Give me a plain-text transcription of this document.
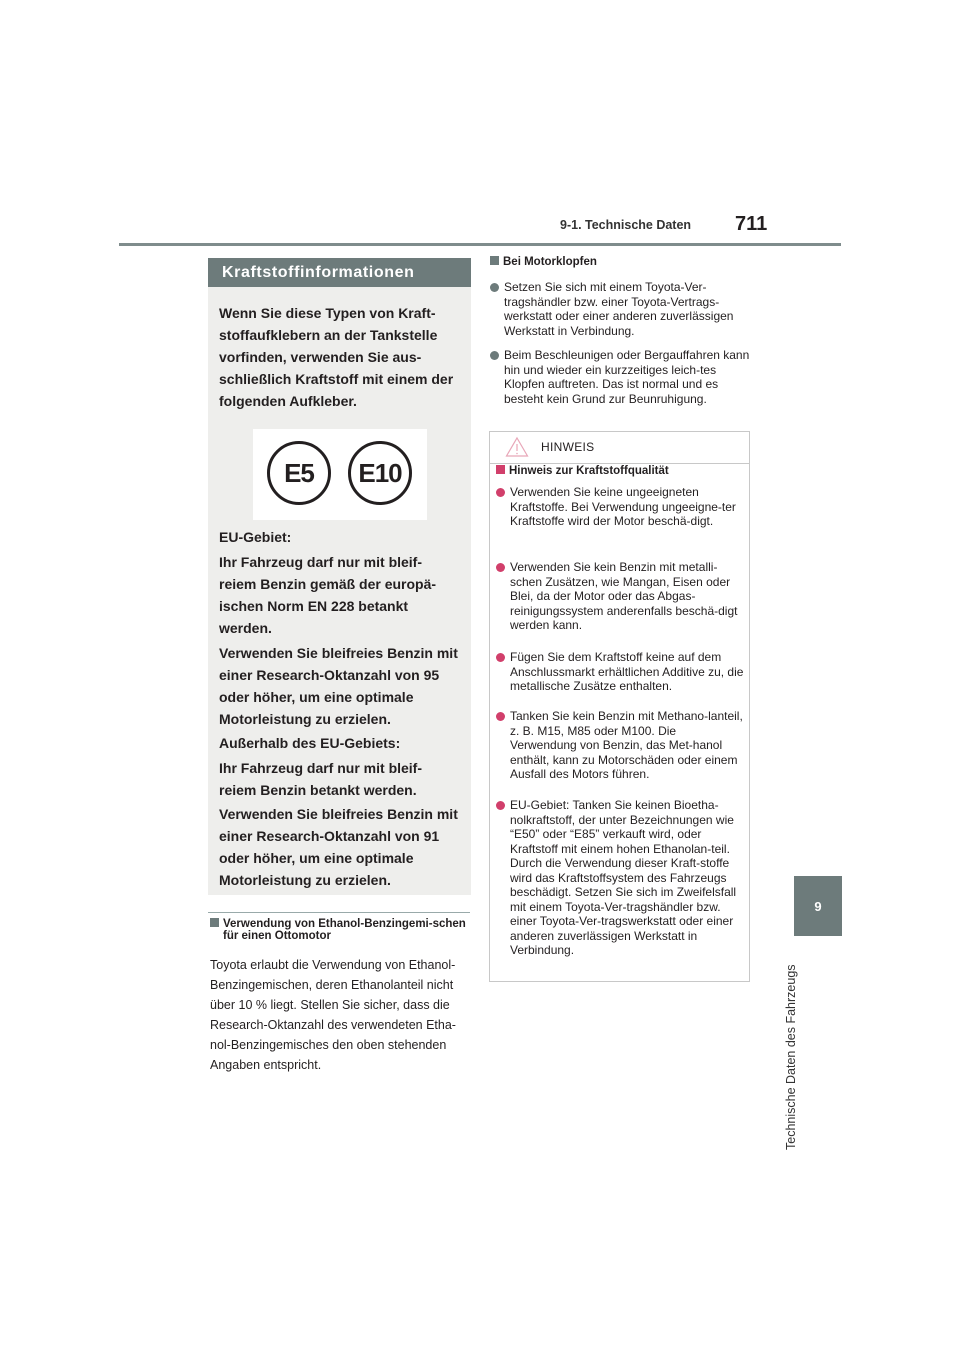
9-1. Technische Daten 711
9
Technische Daten des Fahrzeugs
Kraftstoffinformationen
Wenn Sie diese Typen von Kraft-stoffaufklebern an der Tankstelle vorfinden, verwenden Sie aus-schließlich Kraftstoff mit einem der folgenden Aufkleber.
E5	E10
EU-Gebiet:
Ihr Fahrzeug darf nur mit bleif-reiem Benzin gemäß der europä-ischen Norm EN 228 betankt werden.
Verwenden Sie bleifreies Benzin mit einer Research-Oktanzahl von 95 oder höher, um eine optimale Motorleistung zu erzielen.
Außerhalb des EU-Gebiets:
Ihr Fahrzeug darf nur mit bleif-reiem Benzin betankt werden.
Verwenden Sie bleifreies Benzin mit einer Research-Oktanzahl von 91 oder höher, um eine optimale Motorleistung zu erzielen.
Verwendung von Ethanol-Benzingemi-schen für einen Ottomotor
Toyota erlaubt die Verwendung von Ethanol-Benzingemischen, deren Ethanolanteil nicht über 10 % liegt. Stellen Sie sicher, dass die Research-Oktanzahl des verwendeten Etha-nol-Benzingemisches den oben stehenden Angaben entspricht.
Bei Motorklopfen
Setzen Sie sich mit einem Toyota-Ver-tragshändler bzw. einer Toyota-Vertrags-werkstatt oder einer anderen zuverlässigen Werkstatt in Verbindung.
Beim Beschleunigen oder Bergauffahren kann hin und wieder ein kurzzeitiges leich-tes Klopfen auftreten. Das ist normal und es besteht kein Grund zur Beunruhigung.
HINWEIS
Hinweis zur Kraftstoffqualität
Verwenden Sie keine ungeeigneten Kraftstoffe. Bei Verwendung ungeeigne-ter Kraftstoffe wird der Motor beschä-digt.
Verwenden Sie kein Benzin mit metalli-schen Zusätzen, wie Mangan, Eisen oder Blei, da der Motor oder das Abgas-reinigungssystem anderenfalls beschä-digt werden kann.
Fügen Sie dem Kraftstoff keine auf dem Anschlussmarkt erhältlichen Additive zu, die metallische Zusätze enthalten.
Tanken Sie kein Benzin mit Methano-lanteil, z. B. M15, M85 oder M100. Die Verwendung von Benzin, das Met-hanol enthält, kann zu Motorschäden oder einem Ausfall des Motors führen.
EU-Gebiet: Tanken Sie keinen Bioetha-nolkraftstoff, der unter Bezeichnungen wie “E50” oder “E85” verkauft wird, oder Kraftstoff mit einem hohen Ethanolan-teil. Durch die Verwendung dieser Kraft-stoffe wird das Kraftstoffsystem des Fahrzeugs beschädigt. Setzen Sie sich im Zweifelsfall mit einem Toyota-Ver-tragshändler bzw. einer Toyota-Ver-tragswerkstatt oder einer anderen zuverlässigen Werkstatt in Verbindung.
